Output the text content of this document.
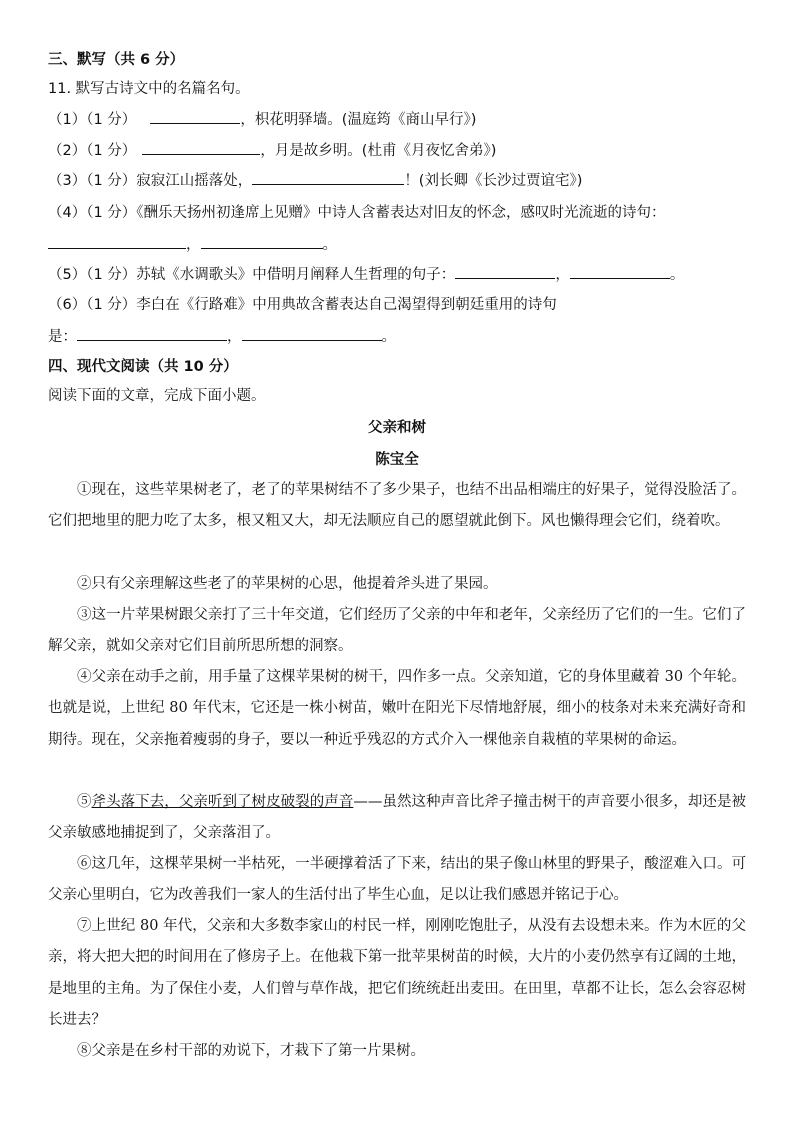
三、默写（共 6 分）
11. 默写古诗文中的名篇名句。
（1）（1 分）	，枳花明驿墙。(温庭筠《商山早行》)
（2）（1 分）	，月是故乡明。(杜甫《月夜忆舍弟》)
（3）（1 分）寂寂江山摇落处，	！(刘长卿《长沙过贾谊宅》)
（4）（1 分）《酬乐天扬州初逢席上见赠》中诗人含蓄表达对旧友的怀念，感叹时光流逝的诗句：
，	。
（5）（1 分）苏轼《水调歌头》中借明月阐释人生哲理的句子：	，	。
（6）（1 分）李白在《行路难》中用典故含蓄表达自己渴望得到朝廷重用的诗句
是：	，	。
四、现代文阅读（共 10 分）
阅读下面的文章，完成下面小题。
父亲和树
陈宝全
①现在，这些苹果树老了，老了的苹果树结不了多少果子，也结不出品相端庄的好果子，觉得没脸活了。它们把地里的肥力吃了太多，根又粗又大，却无法顺应自己的愿望就此倒下。风也懒得理会它们，绕着吹。
②只有父亲理解这些老了的苹果树的心思，他提着斧头进了果园。
③这一片苹果树跟父亲打了三十年交道，它们经历了父亲的中年和老年，父亲经历了它们的一生。它们了解父亲，就如父亲对它们目前所思所想的洞察。
④父亲在动手之前，用手量了这棵苹果树的树干，四作多一点。父亲知道，它的身体里藏着 30 个年轮。也就是说，上世纪 80 年代末，它还是一株小树苗，嫩叶在阳光下尽情地舒展，细小的枝条对未来充满好奇和期待。现在，父亲拖着瘦弱的身子，要以一种近乎残忍的方式介入一棵他亲自栽植的苹果树的命运。
⑤斧头落下去，父亲听到了树皮破裂的声音——虽然这种声音比斧子撞击树干的声音要小很多，却还是被父亲敏感地捕捉到了，父亲落泪了。
⑥这几年，这棵苹果树一半枯死，一半硬撑着活了下来，结出的果子像山林里的野果子，酸涩难入口。可父亲心里明白，它为改善我们一家人的生活付出了毕生心血，足以让我们感恩并铭记于心。
⑦上世纪 80 年代，父亲和大多数李家山的村民一样，刚刚吃饱肚子，从没有去设想未来。作为木匠的父亲，将大把大把的时间用在了修房子上。在他栽下第一批苹果树苗的时候，大片的小麦仍然享有辽阔的土地，是地里的主角。为了保住小麦，人们曾与草作战，把它们统统赶出麦田。在田里，草都不让长，怎么会容忍树长进去？
⑧父亲是在乡村干部的劝说下，才栽下了第一片果树。
